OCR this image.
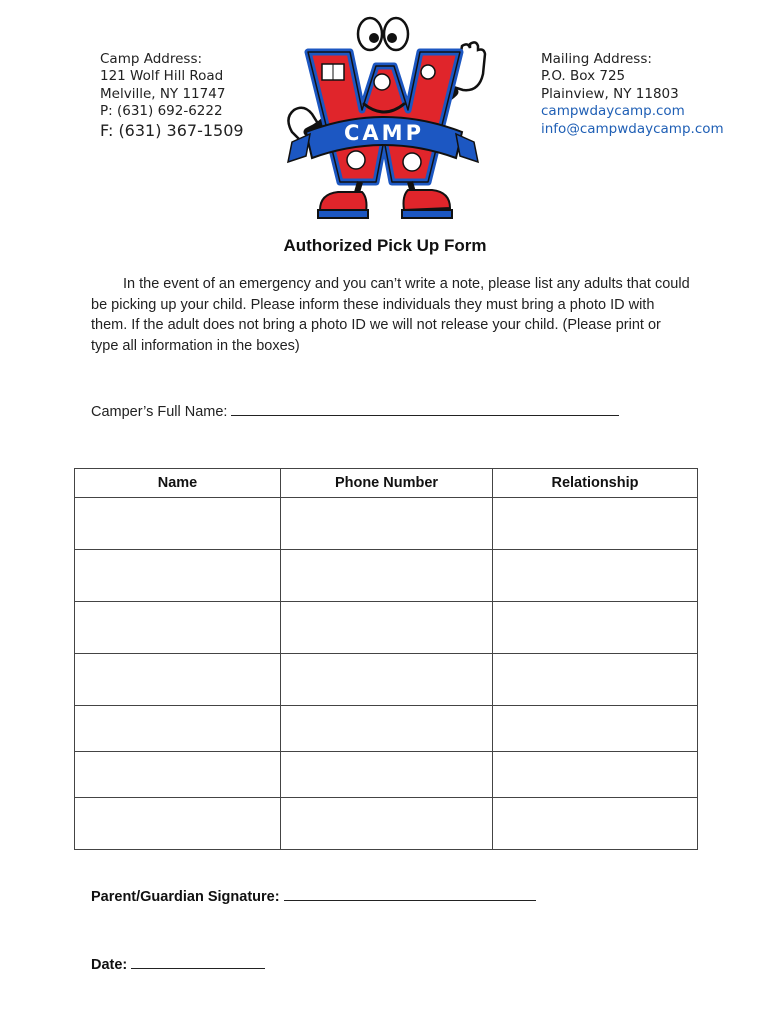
Camp Address:
121 Wolf Hill Road
Melville, NY 11747
P: (631) 692-6222
F: (631) 367-1509
Mailing Address:
P.O. Box 725
Plainview, NY 11803
campwdaycamp.com
info@campwdaycamp.com
CAMP
Authorized Pick Up Form
In the event of an emergency and you can’t write a note, please list any adults that could be picking up your child. Please inform these individuals they must bring a photo ID with them. If the adult does not bring a photo ID we will not release your child. (Please print or type all information in the boxes)
Camper’s Full Name:
Name	Phone Number	Relationship

Parent/Guardian Signature:
Date:
